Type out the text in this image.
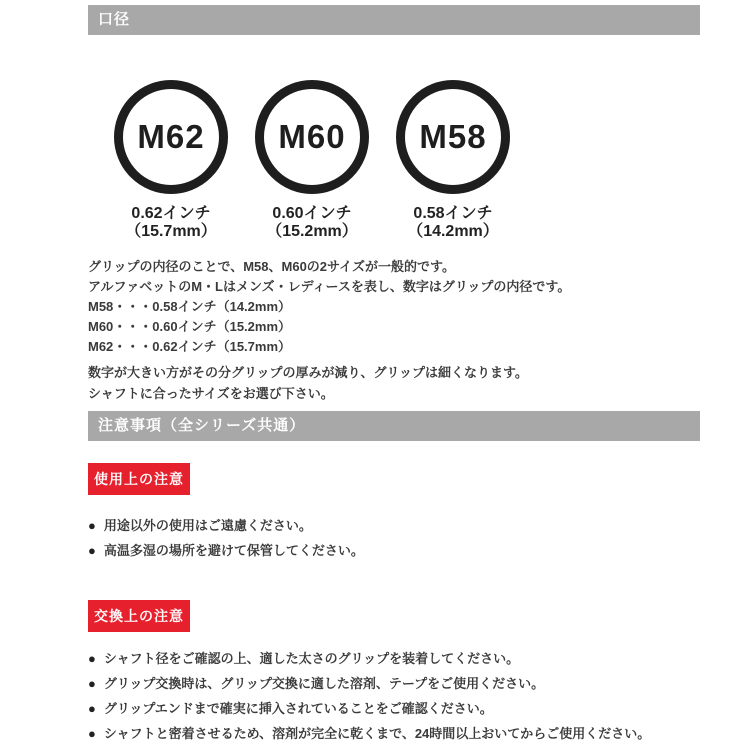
口径
M62
0.62インチ
（15.7mm）
M60
0.60インチ
（15.2mm）
M58
0.58インチ
（14.2mm）
グリップの内径のことで、M58、M60の2サイズが一般的です。
アルファベットのM・Lはメンズ・レディースを表し、数字はグリップの内径です。
M58・・・0.58インチ（14.2mm）
M60・・・0.60インチ（15.2mm）
M62・・・0.62インチ（15.7mm）
数字が大きい方がその分グリップの厚みが減り、グリップは細くなります。
シャフトに合ったサイズをお選び下さい。
注意事項（全シリーズ共通）
使用上の注意
● 用途以外の使用はご遠慮ください。
● 高温多湿の場所を避けて保管してください。
交換上の注意
● シャフト径をご確認の上、適した太さのグリップを装着してください。
● グリップ交換時は、グリップ交換に適した溶剤、テープをご使用ください。
● グリップエンドまで確実に挿入されていることをご確認ください。
● シャフトと密着させるため、溶剤が完全に乾くまで、24時間以上おいてからご使用ください。
